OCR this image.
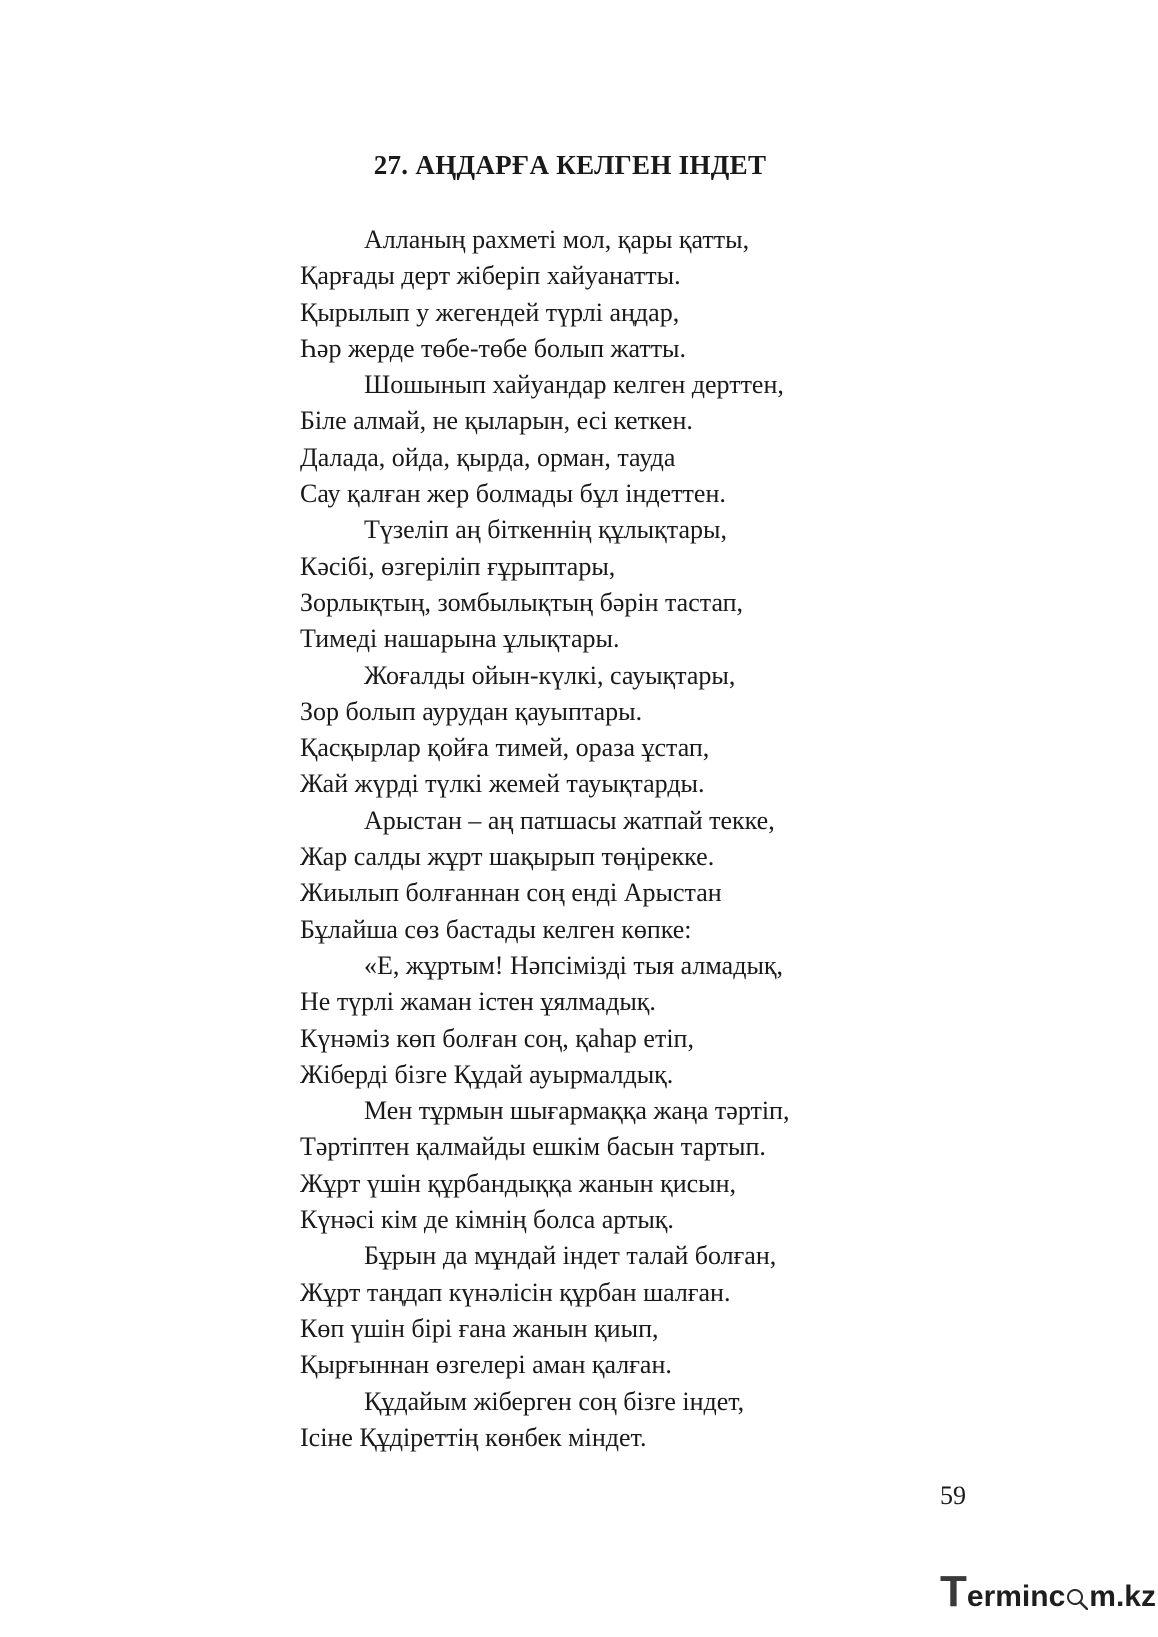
27. АҢДАРҒА КЕЛГЕН ІНДЕТ
Алланың рахметі мол, қары қатты,
Қарғады дерт жіберіп хайуанатты.
Қырылып у жегендей түрлі аңдар,
Һәр жерде төбе-төбе болып жатты.
Шошынып хайуандар келген дерттен,
Біле алмай, не қыларын, есі кеткен.
Далада, ойда, қырда, орман, тауда
Сау қалған жер болмады бұл індеттен.
Түзеліп аң біткеннің құлықтары,
Кәсібі, өзгеріліп ғұрыптары,
Зорлықтың, зомбылықтың бәрін тастап,
Тимеді нашарына ұлықтары.
Жоғалды ойын-күлкі, сауықтары,
Зор болып аурудан қауыптары.
Қасқырлар қойға тимей, ораза ұстап,
Жай жүрді түлкі жемей тауықтарды.
Арыстан – аң патшасы жатпай текке,
Жар салды жұрт шақырып төңірекке.
Жиылып болғаннан соң енді Арыстан
Бұлайша сөз бастады келген көпке:
«Е, жұртым! Нәпсімізді тыя алмадық,
Не түрлі жаман істен ұялмадық.
Күнәміз көп болған соң, қаһар етіп,
Жіберді бізге Құдай ауырмалдық.
Мен тұрмын шығармаққа жаңа тәртіп,
Тәртіптен қалмайды ешкім басын тартып.
Жұрт үшін құрбандыққа жанын қисын,
Күнәсі кім де кімнің болса артық.
Бұрын да мұндай індет талай болған,
Жұрт таңдап күнәлісін құрбан шалған.
Көп үшін бірі ғана жанын қиып,
Қырғыннан өзгелері аман қалған.
Құдайым жіберген соң бізге індет,
Ісіне Құдіреттің көнбек міндет.
59
T erminc m.kz
